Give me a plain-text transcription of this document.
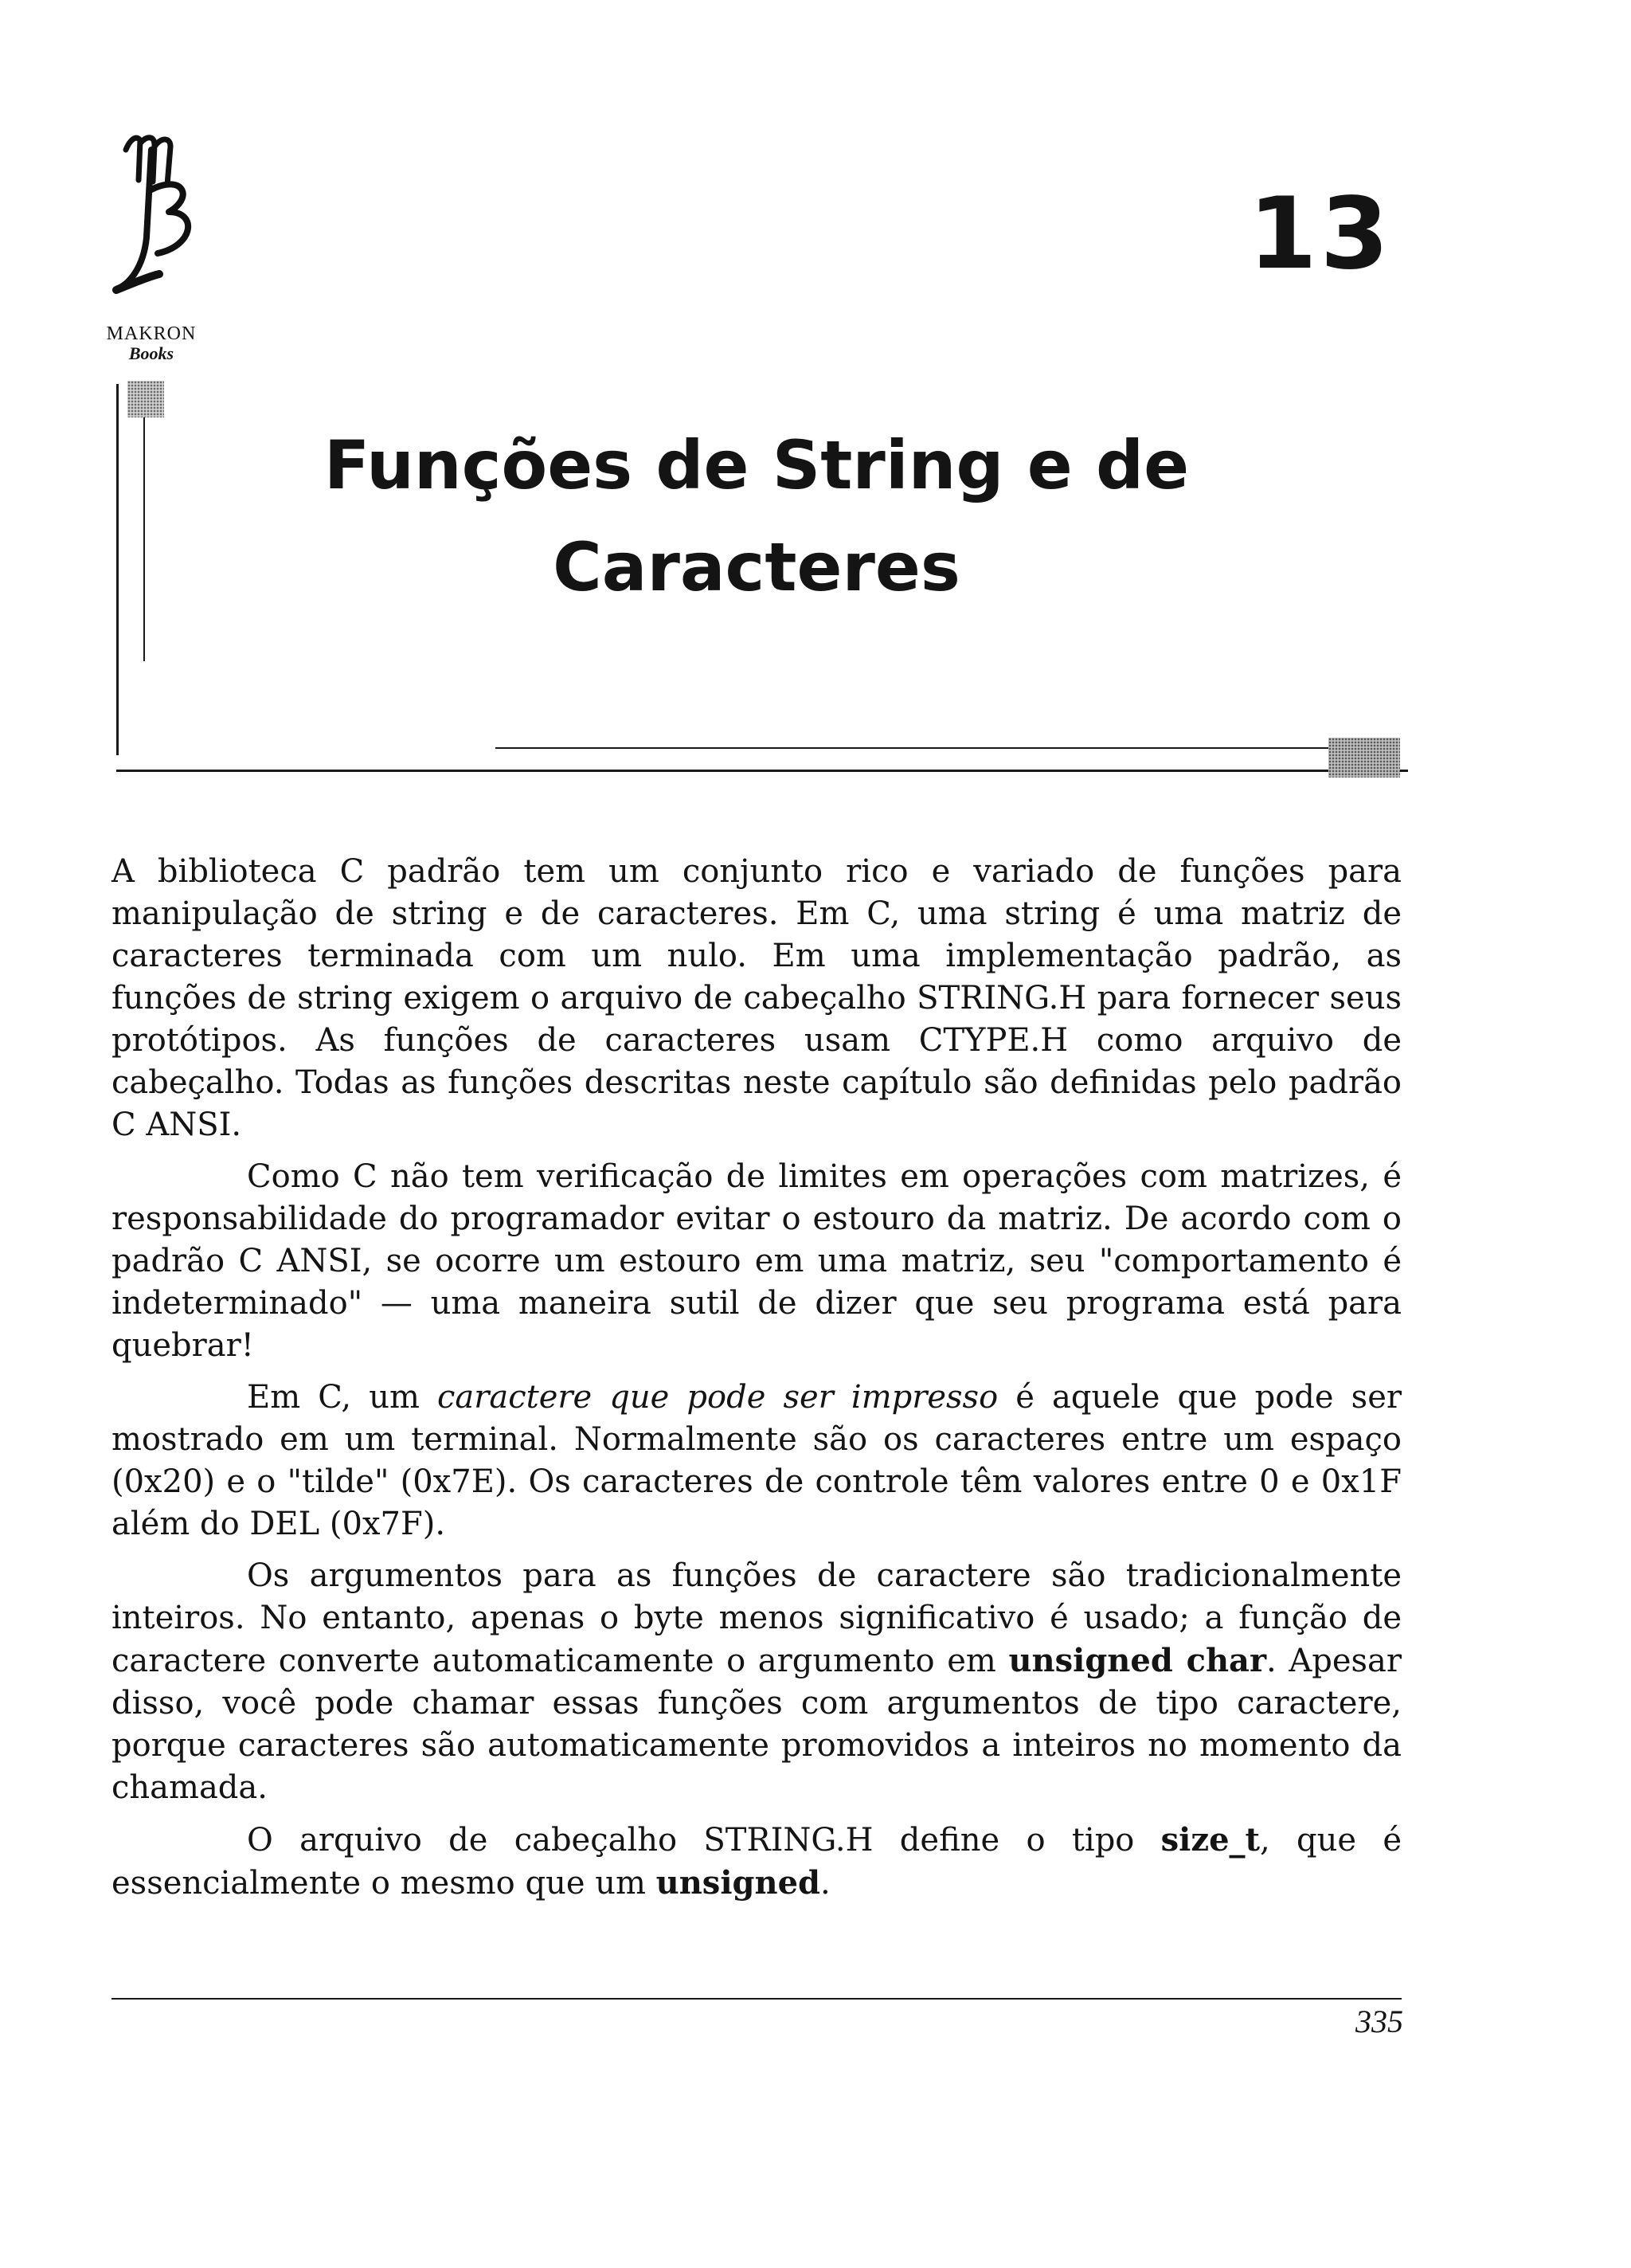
MAKRON
Books
13
Funções de String e de
Caracteres

A biblioteca C padrão tem um conjunto rico e variado de funções para manipulação de string e de caracteres. Em C, uma string é uma matriz de caracteres terminada com um nulo. Em uma implementação padrão, as funções de string exigem o arquivo de cabeçalho STRING.H para fornecer seus protótipos. As funções de caracteres usam CTYPE.H como arquivo de cabeçalho. Todas as funções descritas neste capítulo são definidas pelo padrão C ANSI.

Como C não tem verificação de limites em operações com matrizes, é responsabilidade do programador evitar o estouro da matriz. De acordo com o padrão C ANSI, se ocorre um estouro em uma matriz, seu "comportamento é indeterminado" — uma maneira sutil de dizer que seu programa está para quebrar!

Em C, um caractere que pode ser impresso é aquele que pode ser mostrado em um terminal. Normalmente são os caracteres entre um espaço (0x20) e o "tilde" (0x7E). Os caracteres de controle têm valores entre 0 e 0x1F além do DEL (0x7F).

Os argumentos para as funções de caractere são tradicionalmente inteiros. No entanto, apenas o byte menos significativo é usado; a função de caractere converte automaticamente o argumento em unsigned char. Apesar disso, você pode chamar essas funções com argumentos de tipo caractere, porque caracteres são automaticamente promovidos a inteiros no momento da chamada.

O arquivo de cabeçalho STRING.H define o tipo size_t, que é essencialmente o mesmo que um unsigned.

335
